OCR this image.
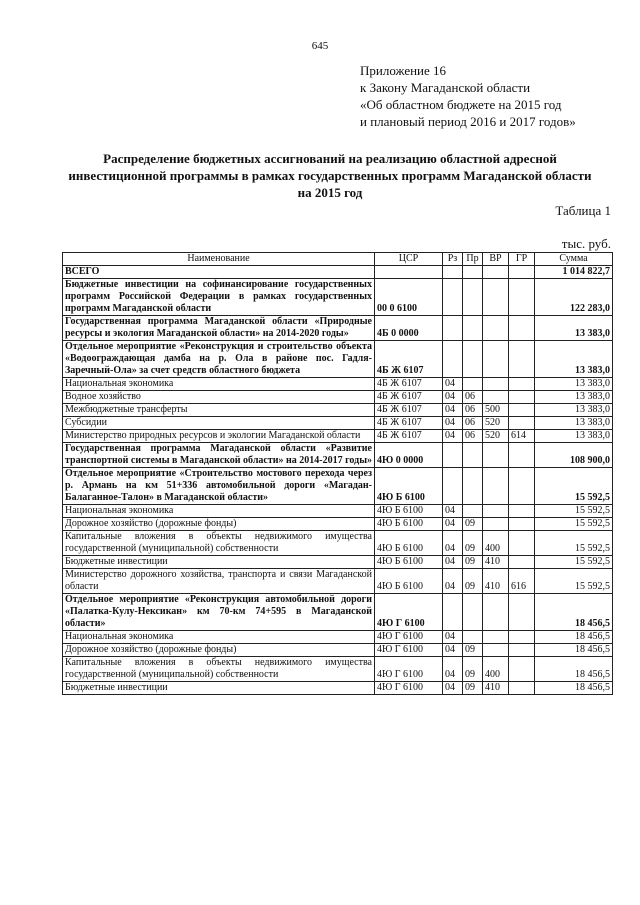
645
Приложение 16
к Закону Магаданской области
«Об областном бюджете на 2015 год
и плановый период 2016 и 2017 годов»
Распределение бюджетных ассигнований на реализацию областной адресной инвестиционной программы в рамках государственных программ Магаданской области на 2015 год
Таблица 1
тыс. руб.
Наименование	ЦСР	Рз	Пр	ВР	ГР	Сумма
ВСЕГО						1 014 822,7
Бюджетные инвестиции на софинансирование государственных программ Российской Федерации в рамках государственных программ Магаданской области	00 0 6100					122 283,0
Государственная программа Магаданской области «Природные ресурсы и экология Магаданской области» на 2014-2020 годы»	4Б 0 0000					13 383,0
Отдельное мероприятие «Реконструкция и строительство объекта «Водоограждающая дамба на р. Ола в районе пос. Гадля-Заречный-Ола» за счет средств областного бюджета	4Б Ж 6107					13 383,0
Национальная экономика	4Б Ж 6107	04				13 383,0
Водное хозяйство	4Б Ж 6107	04	06			13 383,0
Межбюджетные трансферты	4Б Ж 6107	04	06	500		13 383,0
Субсидии	4Б Ж 6107	04	06	520		13 383,0
Министерство природных ресурсов и экологии Магаданской области	4Б Ж 6107	04	06	520	614	13 383,0
Государственная программа Магаданской области «Развитие транспортной системы в Магаданской области» на 2014-2017 годы»	4Ю 0 0000					108 900,0
Отдельное мероприятие «Строительство мостового перехода через р. Армань на км 51+336 автомобильной дороги «Магадан-Балаганное-Талон» в Магаданской области»	4Ю Б 6100					15 592,5
Национальная экономика	4Ю Б 6100	04				15 592,5
Дорожное хозяйство (дорожные фонды)	4Ю Б 6100	04	09			15 592,5
Капитальные вложения в объекты недвижимого имущества государственной (муниципальной) собственности	4Ю Б 6100	04	09	400		15 592,5
Бюджетные инвестиции	4Ю Б 6100	04	09	410		15 592,5
Министерство дорожного хозяйства, транспорта и связи Магаданской области	4Ю Б 6100	04	09	410	616	15 592,5
Отдельное мероприятие «Реконструкция автомобильной дороги «Палатка-Кулу-Нексикан» км 70-км 74+595 в Магаданской области»	4Ю Г 6100					18 456,5
Национальная экономика	4Ю Г 6100	04				18 456,5
Дорожное хозяйство (дорожные фонды)	4Ю Г 6100	04	09			18 456,5
Капитальные вложения в объекты недвижимого имущества государственной (муниципальной) собственности	4Ю Г 6100	04	09	400		18 456,5
Бюджетные инвестиции	4Ю Г 6100	04	09	410		18 456,5
